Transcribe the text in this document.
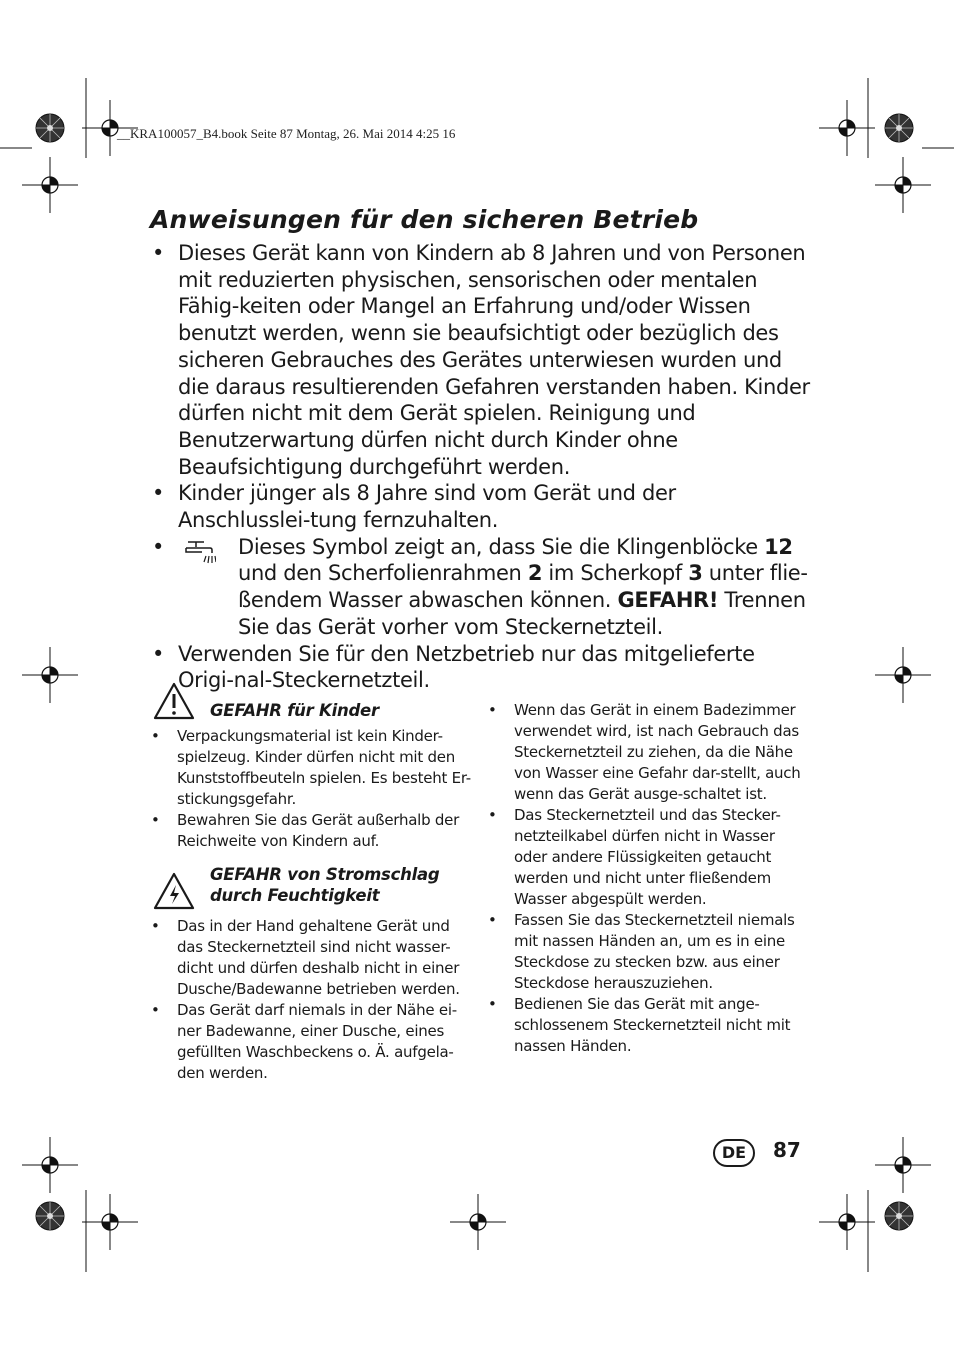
__KRA100057_B4.book Seite 87 Montag, 26. Mai 2014 4:25 16
Anweisungen für den sicheren Betrieb
• Dieses Gerät kann von Kindern ab 8 Jahren und von Personen mit reduzierten physischen, sensorischen oder mentalen Fähig-keiten oder Mangel an Erfahrung und/oder Wissen benutzt werden, wenn sie beaufsichtigt oder bezüglich des sicheren Gebrauches des Gerätes unterwiesen wurden und die daraus resultierenden Gefahren verstanden haben. Kinder dürfen nicht mit dem Gerät spielen. Reinigung und Benutzerwartung dürfen nicht durch Kinder ohne Beaufsichtigung durchgeführt werden.
• Kinder jünger als 8 Jahre sind vom Gerät und der Anschlusslei-tung fernzuhalten.
• Dieses Symbol zeigt an, dass Sie die Klingenblöcke 12 und den Scherfolienrahmen 2 im Scherkopf 3 unter flie-ßendem Wasser abwaschen können. GEFAHR! Trennen Sie das Gerät vorher vom Steckernetzteil.
• Verwenden Sie für den Netzbetrieb nur das mitgelieferte Origi-nal-Steckernetzteil.
GEFAHR für Kinder
• Verpackungsmaterial ist kein Kinder-spielzeug. Kinder dürfen nicht mit den Kunststoffbeuteln spielen. Es besteht Er-stickungsgefahr.
• Bewahren Sie das Gerät außerhalb der Reichweite von Kindern auf.
GEFAHR von Stromschlag
durch Feuchtigkeit
• Das in der Hand gehaltene Gerät und das Steckernetzteil sind nicht wasser-dicht und dürfen deshalb nicht in einer Dusche/Badewanne betrieben werden.
• Das Gerät darf niemals in der Nähe ei-ner Badewanne, einer Dusche, eines gefüllten Waschbeckens o. Ä. aufgela-den werden.
• Wenn das Gerät in einem Badezimmer verwendet wird, ist nach Gebrauch das Steckernetzteil zu ziehen, da die Nähe von Wasser eine Gefahr dar-stellt, auch wenn das Gerät ausge-schaltet ist.
• Das Steckernetzteil und das Stecker-netzteilkabel dürfen nicht in Wasser oder andere Flüssigkeiten getaucht werden und nicht unter fließendem Wasser abgespült werden.
• Fassen Sie das Steckernetzteil niemals mit nassen Händen an, um es in eine Steckdose zu stecken bzw. aus einer Steckdose herauszuziehen.
• Bedienen Sie das Gerät mit ange-schlossenem Steckernetzteil nicht mit nassen Händen.
DE	87
